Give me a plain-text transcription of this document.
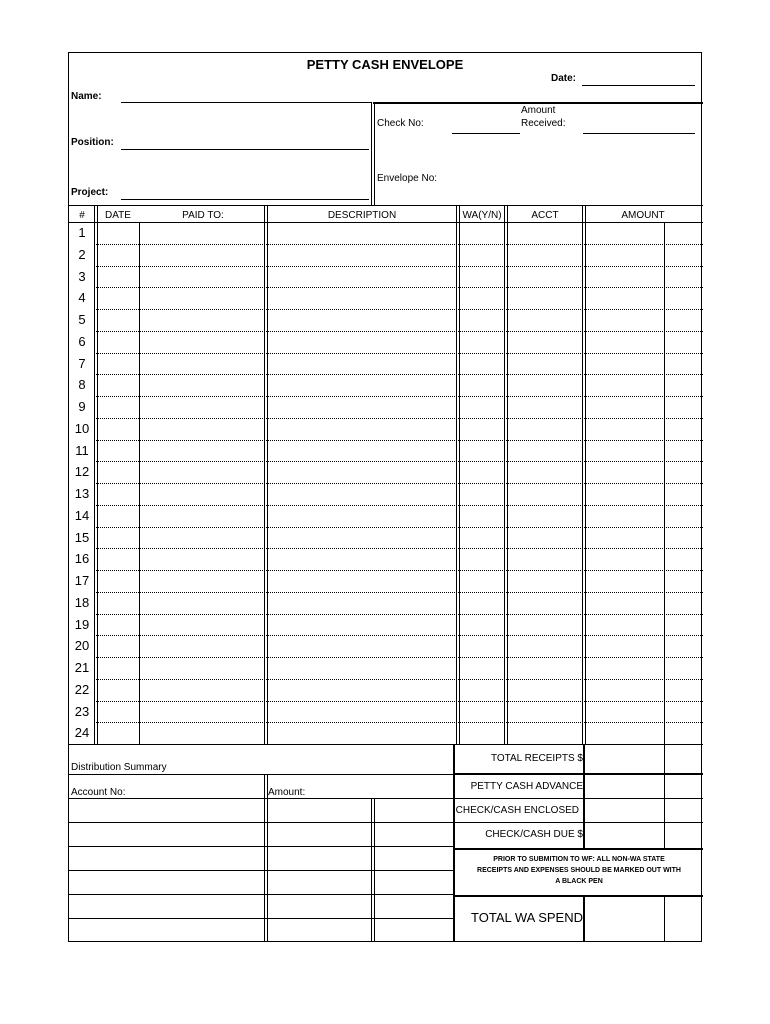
PETTY CASH ENVELOPE
Date:
Name:
Check No:
Amount
Received:
Position:
Envelope No:
Project:
#	DATE	PAID TO:	DESCRIPTION	WA(Y/N)	ACCT	AMOUNT
1
2
3
4
5
6
7
8
9
10
11
12
13
14
15
16
17
18
19
20
21
22
23
24
Distribution Summary
Account No:	Amount:
TOTAL RECEIPTS $
PETTY CASH ADVANCE
CHECK/CASH ENCLOSED
CHECK/CASH DUE $
PRIOR TO SUBMITION TO WF: ALL NON-WA STATE
RECEIPTS AND EXPENSES SHOULD BE MARKED OUT WITH
A BLACK PEN
TOTAL WA SPEND
